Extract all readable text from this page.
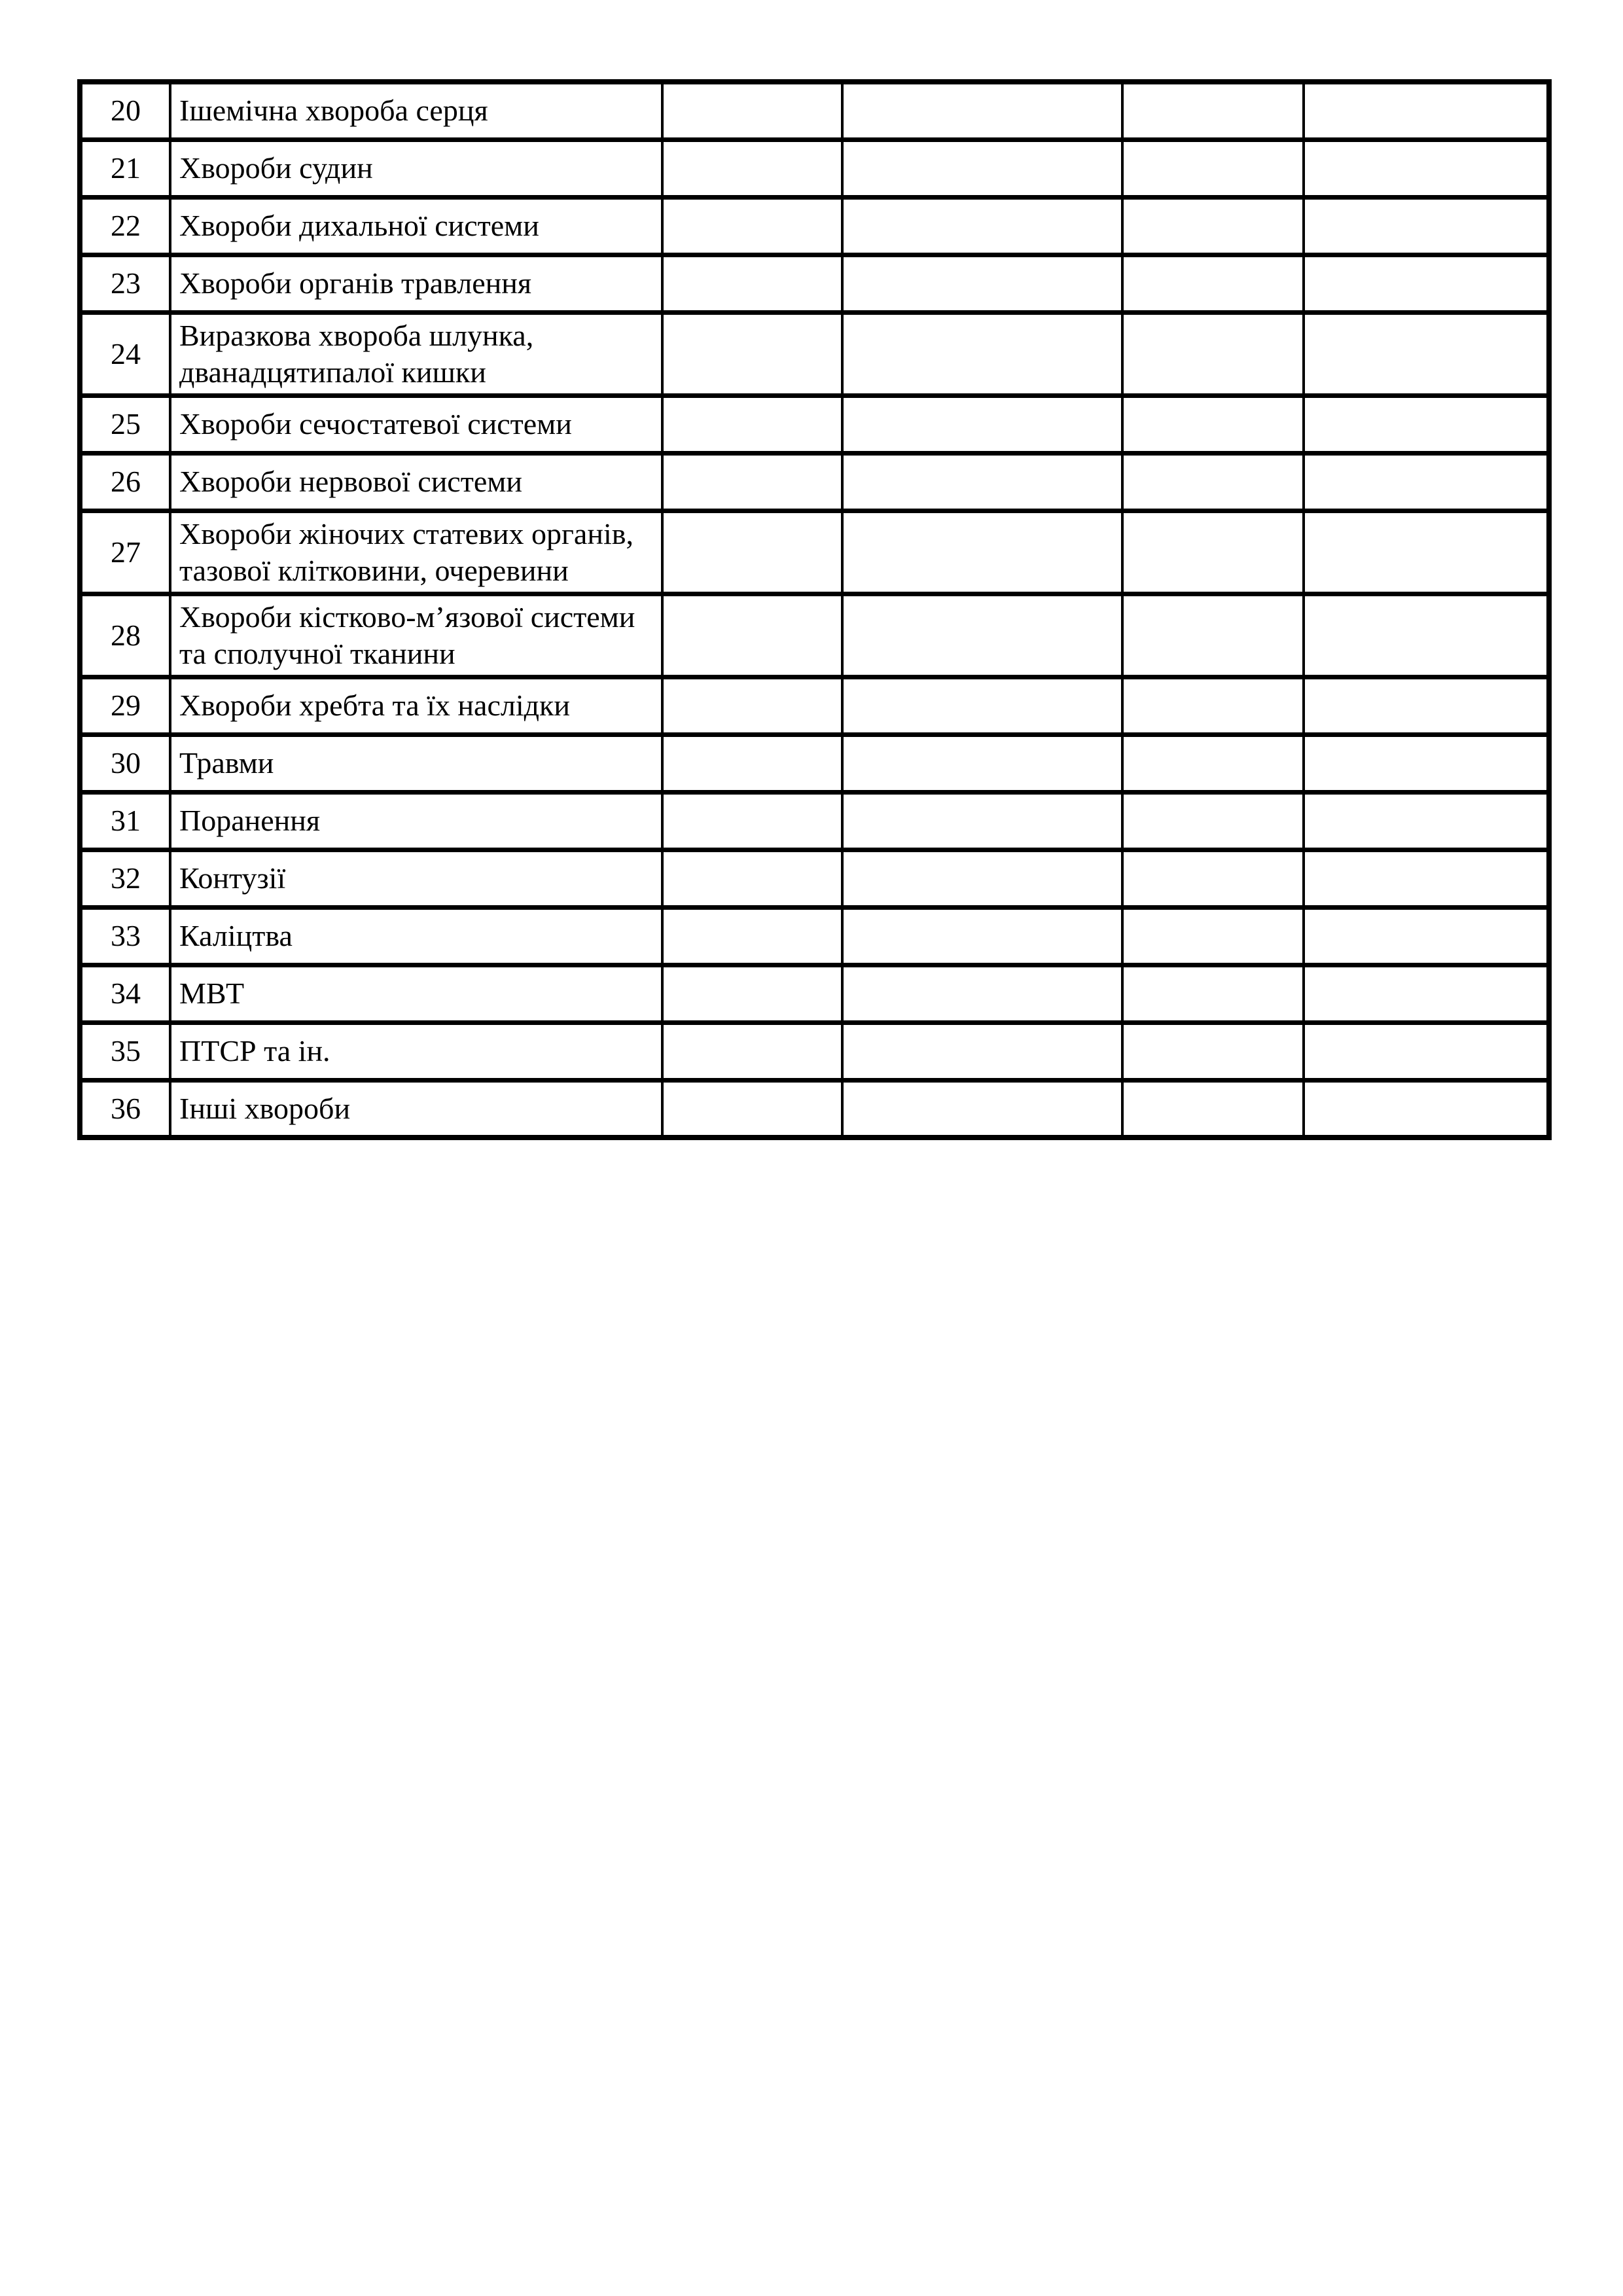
20	Ішемічна хвороба серця				
21	Хвороби судин				
22	Хвороби дихальної системи				
23	Хвороби органів травлення				
24	Виразкова хвороба шлунка, дванадцятипалої кишки				
25	Хвороби сечостатевої системи				
26	Хвороби нервової системи				
27	Хвороби жіночих статевих органів, тазової клітковини, очеревини				
28	Хвороби кістково-м’язової системи та сполучної тканини				
29	Хвороби хребта та їх наслідки				
30	Травми				
31	Поранення				
32	Контузії				
33	Каліцтва				
34	МВТ				
35	ПТСР та ін.				
36	Інші хвороби				
